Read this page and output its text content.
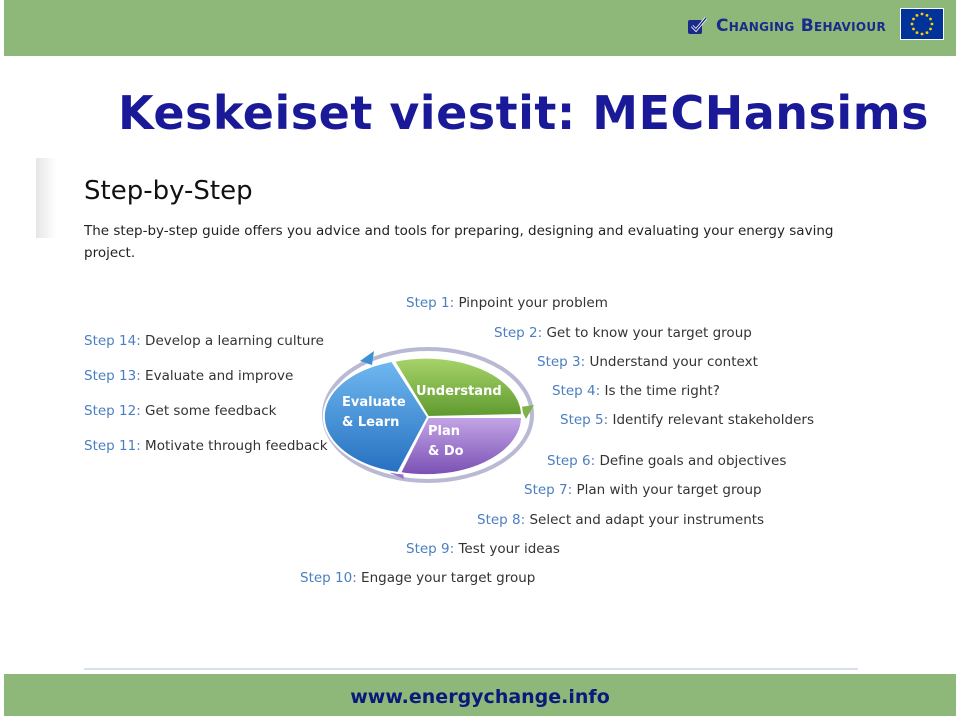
Changing Behaviour
Keskeiset viestit: MECHansims
Step-by-Step
The step-by-step guide offers you advice and tools for preparing, designing and evaluating your energy saving project.
Step 1: Pinpoint your problem
Step 2: Get to know your target group
Step 3: Understand your context
Step 4: Is the time right?
Step 5: Identify relevant stakeholders
Step 6: Define goals and objectives
Step 7: Plan with your target group
Step 8: Select and adapt your instruments
Step 9: Test your ideas
Step 10: Engage your target group
Step 11: Motivate through feedback
Step 12: Get some feedback
Step 13: Evaluate and improve
Step 14: Develop a learning culture
Understand
Plan
& Do
Evaluate
& Learn
www.energychange.info
